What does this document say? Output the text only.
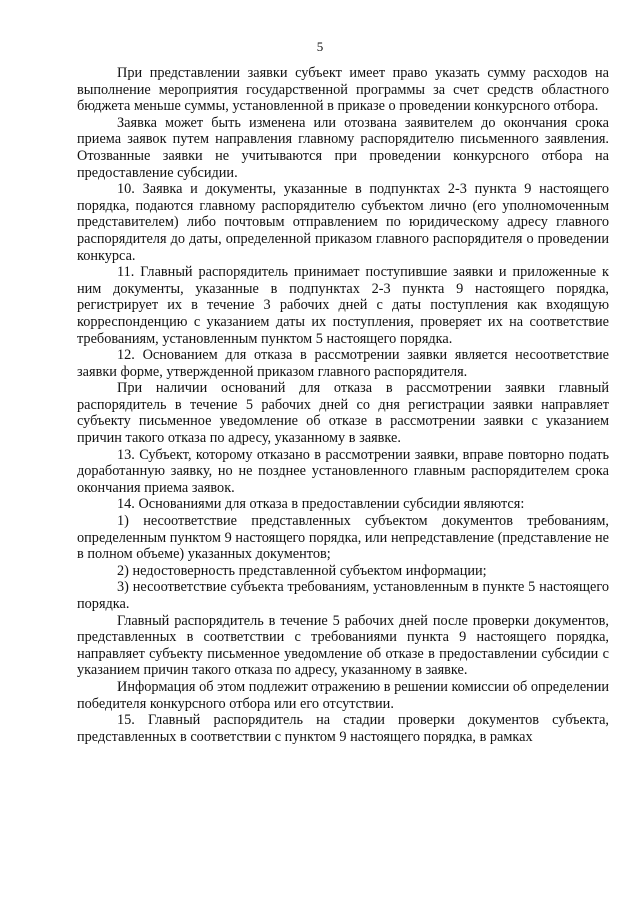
5

При представлении заявки субъект имеет право указать сумму расходов на выполнение мероприятия государственной программы за счет средств областного бюджета меньше суммы, установленной в приказе о проведении конкурсного отбора.

Заявка может быть изменена или отозвана заявителем до окончания срока приема заявок путем направления главному распорядителю письменного заявления. Отозванные заявки не учитываются при проведении конкурсного отбора на предоставление субсидии.

10. Заявка и документы, указанные в подпунктах 2-3 пункта 9 настоящего порядка, подаются главному распорядителю субъектом лично (его уполномоченным представителем) либо почтовым отправлением по юридическому адресу главного распорядителя до даты, определенной приказом главного распорядителя о проведении конкурса.

11. Главный распорядитель принимает поступившие заявки и приложенные к ним документы, указанные в подпунктах 2-3 пункта 9 настоящего порядка, регистрирует их в течение 3 рабочих дней с даты поступления как входящую корреспонденцию с указанием даты их поступления, проверяет их на соответствие требованиям, установленным пунктом 5 настоящего порядка.

12. Основанием для отказа в рассмотрении заявки является несоответствие заявки форме, утвержденной приказом главного распорядителя.

При наличии оснований для отказа в рассмотрении заявки главный распорядитель в течение 5 рабочих дней со дня регистрации заявки направляет субъекту письменное уведомление об отказе в рассмотрении заявки с указанием причин такого отказа по адресу, указанному в заявке.

13. Субъект, которому отказано в рассмотрении заявки, вправе повторно подать доработанную заявку, но не позднее установленного главным распорядителем срока окончания приема заявок.

14. Основаниями для отказа в предоставлении субсидии являются:

1) несоответствие представленных субъектом документов требованиям, определенным пунктом 9 настоящего порядка, или непредставление (представление не в полном объеме) указанных документов;

2) недостоверность представленной субъектом информации;

3) несоответствие субъекта требованиям, установленным в пункте 5 настоящего порядка.

Главный распорядитель в течение 5 рабочих дней после проверки документов, представленных в соответствии с требованиями пункта 9 настоящего порядка, направляет субъекту письменное уведомление об отказе в предоставлении субсидии с указанием причин такого отказа по адресу, указанному в заявке.

Информация об этом подлежит отражению в решении комиссии об определении победителя конкурсного отбора или его отсутствии.

15. Главный распорядитель на стадии проверки документов субъекта, представленных в соответствии с пунктом 9 настоящего порядка, в рамках
